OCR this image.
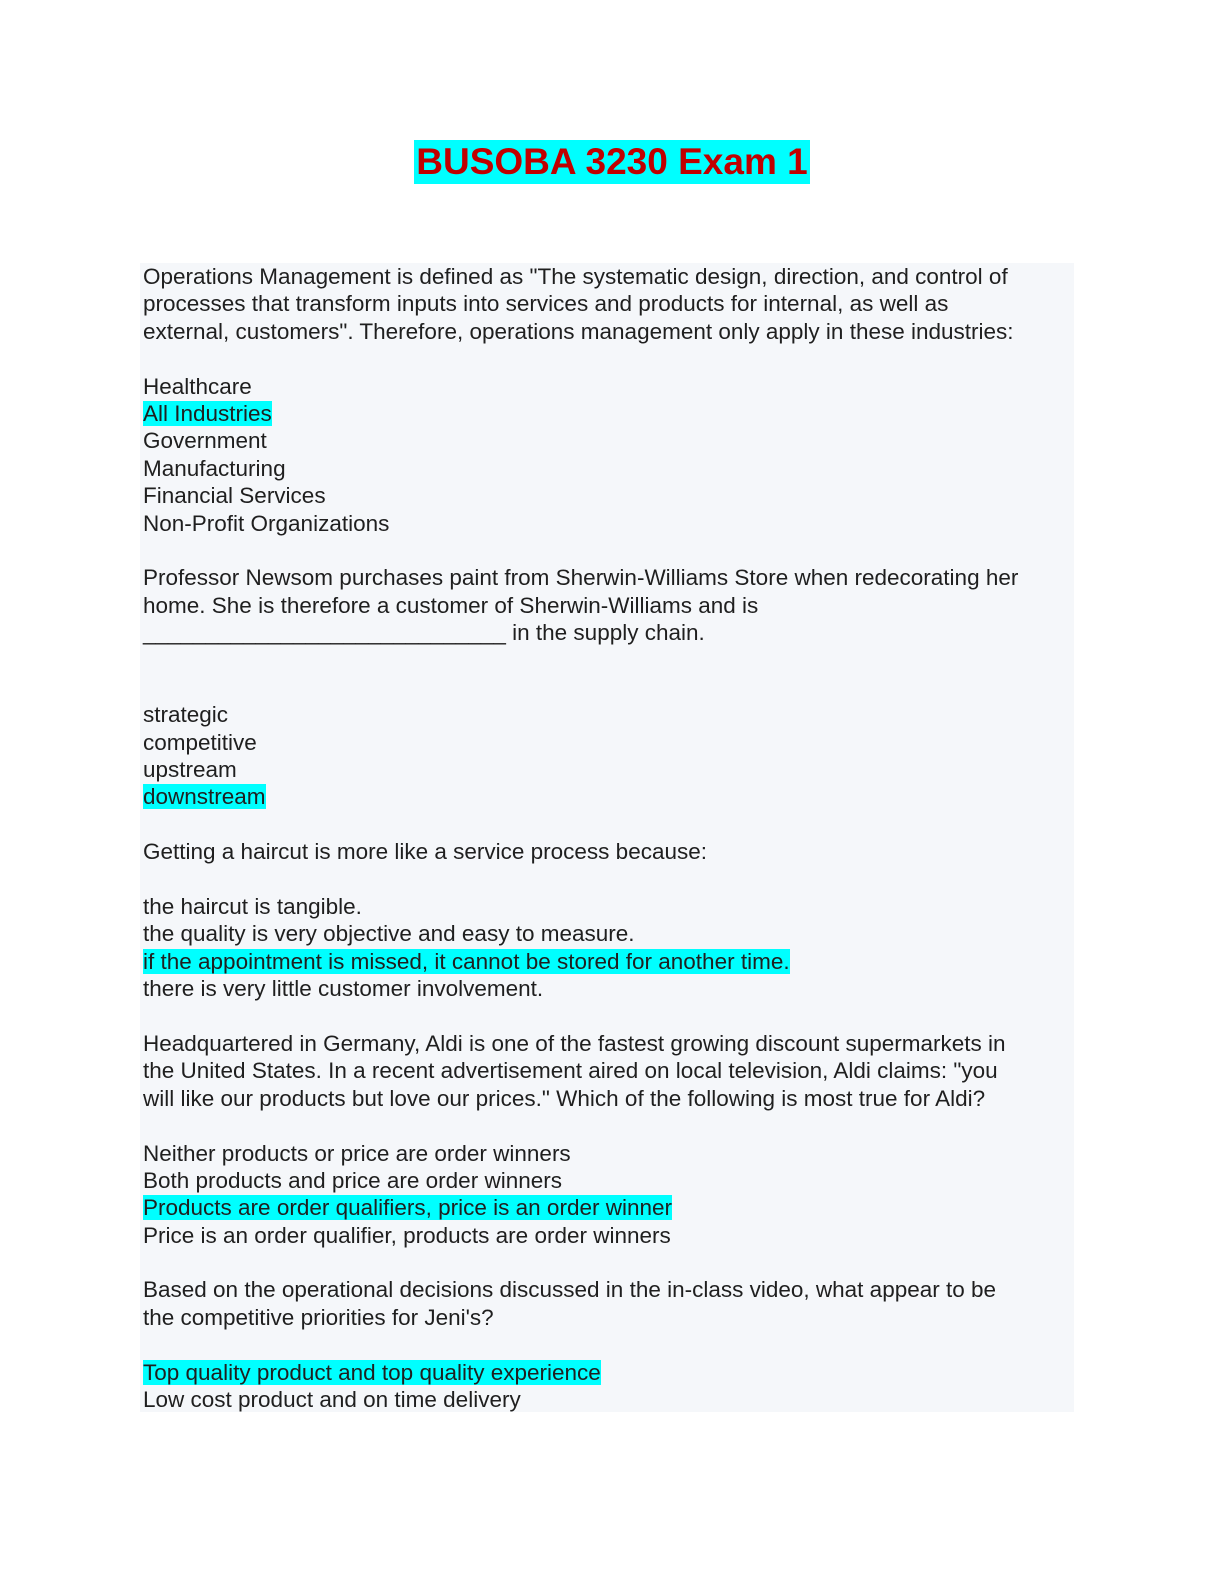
BUSOBA 3230 Exam 1
Operations Management is defined as "The systematic design, direction, and control of
processes that transform inputs into services and products for internal, as well as
external, customers". Therefore, operations management only apply in these industries:
Healthcare
All Industries
Government
Manufacturing
Financial Services
Non-Profit Organizations
Professor Newsom purchases paint from Sherwin-Williams Store when redecorating her
home. She is therefore a customer of Sherwin-Williams and is
_____________________________ in the supply chain.
strategic
competitive
upstream
downstream
Getting a haircut is more like a service process because:
the haircut is tangible.
the quality is very objective and easy to measure.
if the appointment is missed, it cannot be stored for another time.
there is very little customer involvement.
Headquartered in Germany, Aldi is one of the fastest growing discount supermarkets in
the United States. In a recent advertisement aired on local television, Aldi claims: "you
will like our products but love our prices." Which of the following is most true for Aldi?
Neither products or price are order winners
Both products and price are order winners
Products are order qualifiers, price is an order winner
Price is an order qualifier, products are order winners
Based on the operational decisions discussed in the in-class video, what appear to be
the competitive priorities for Jeni's?
Top quality product and top quality experience
Low cost product and on time delivery
